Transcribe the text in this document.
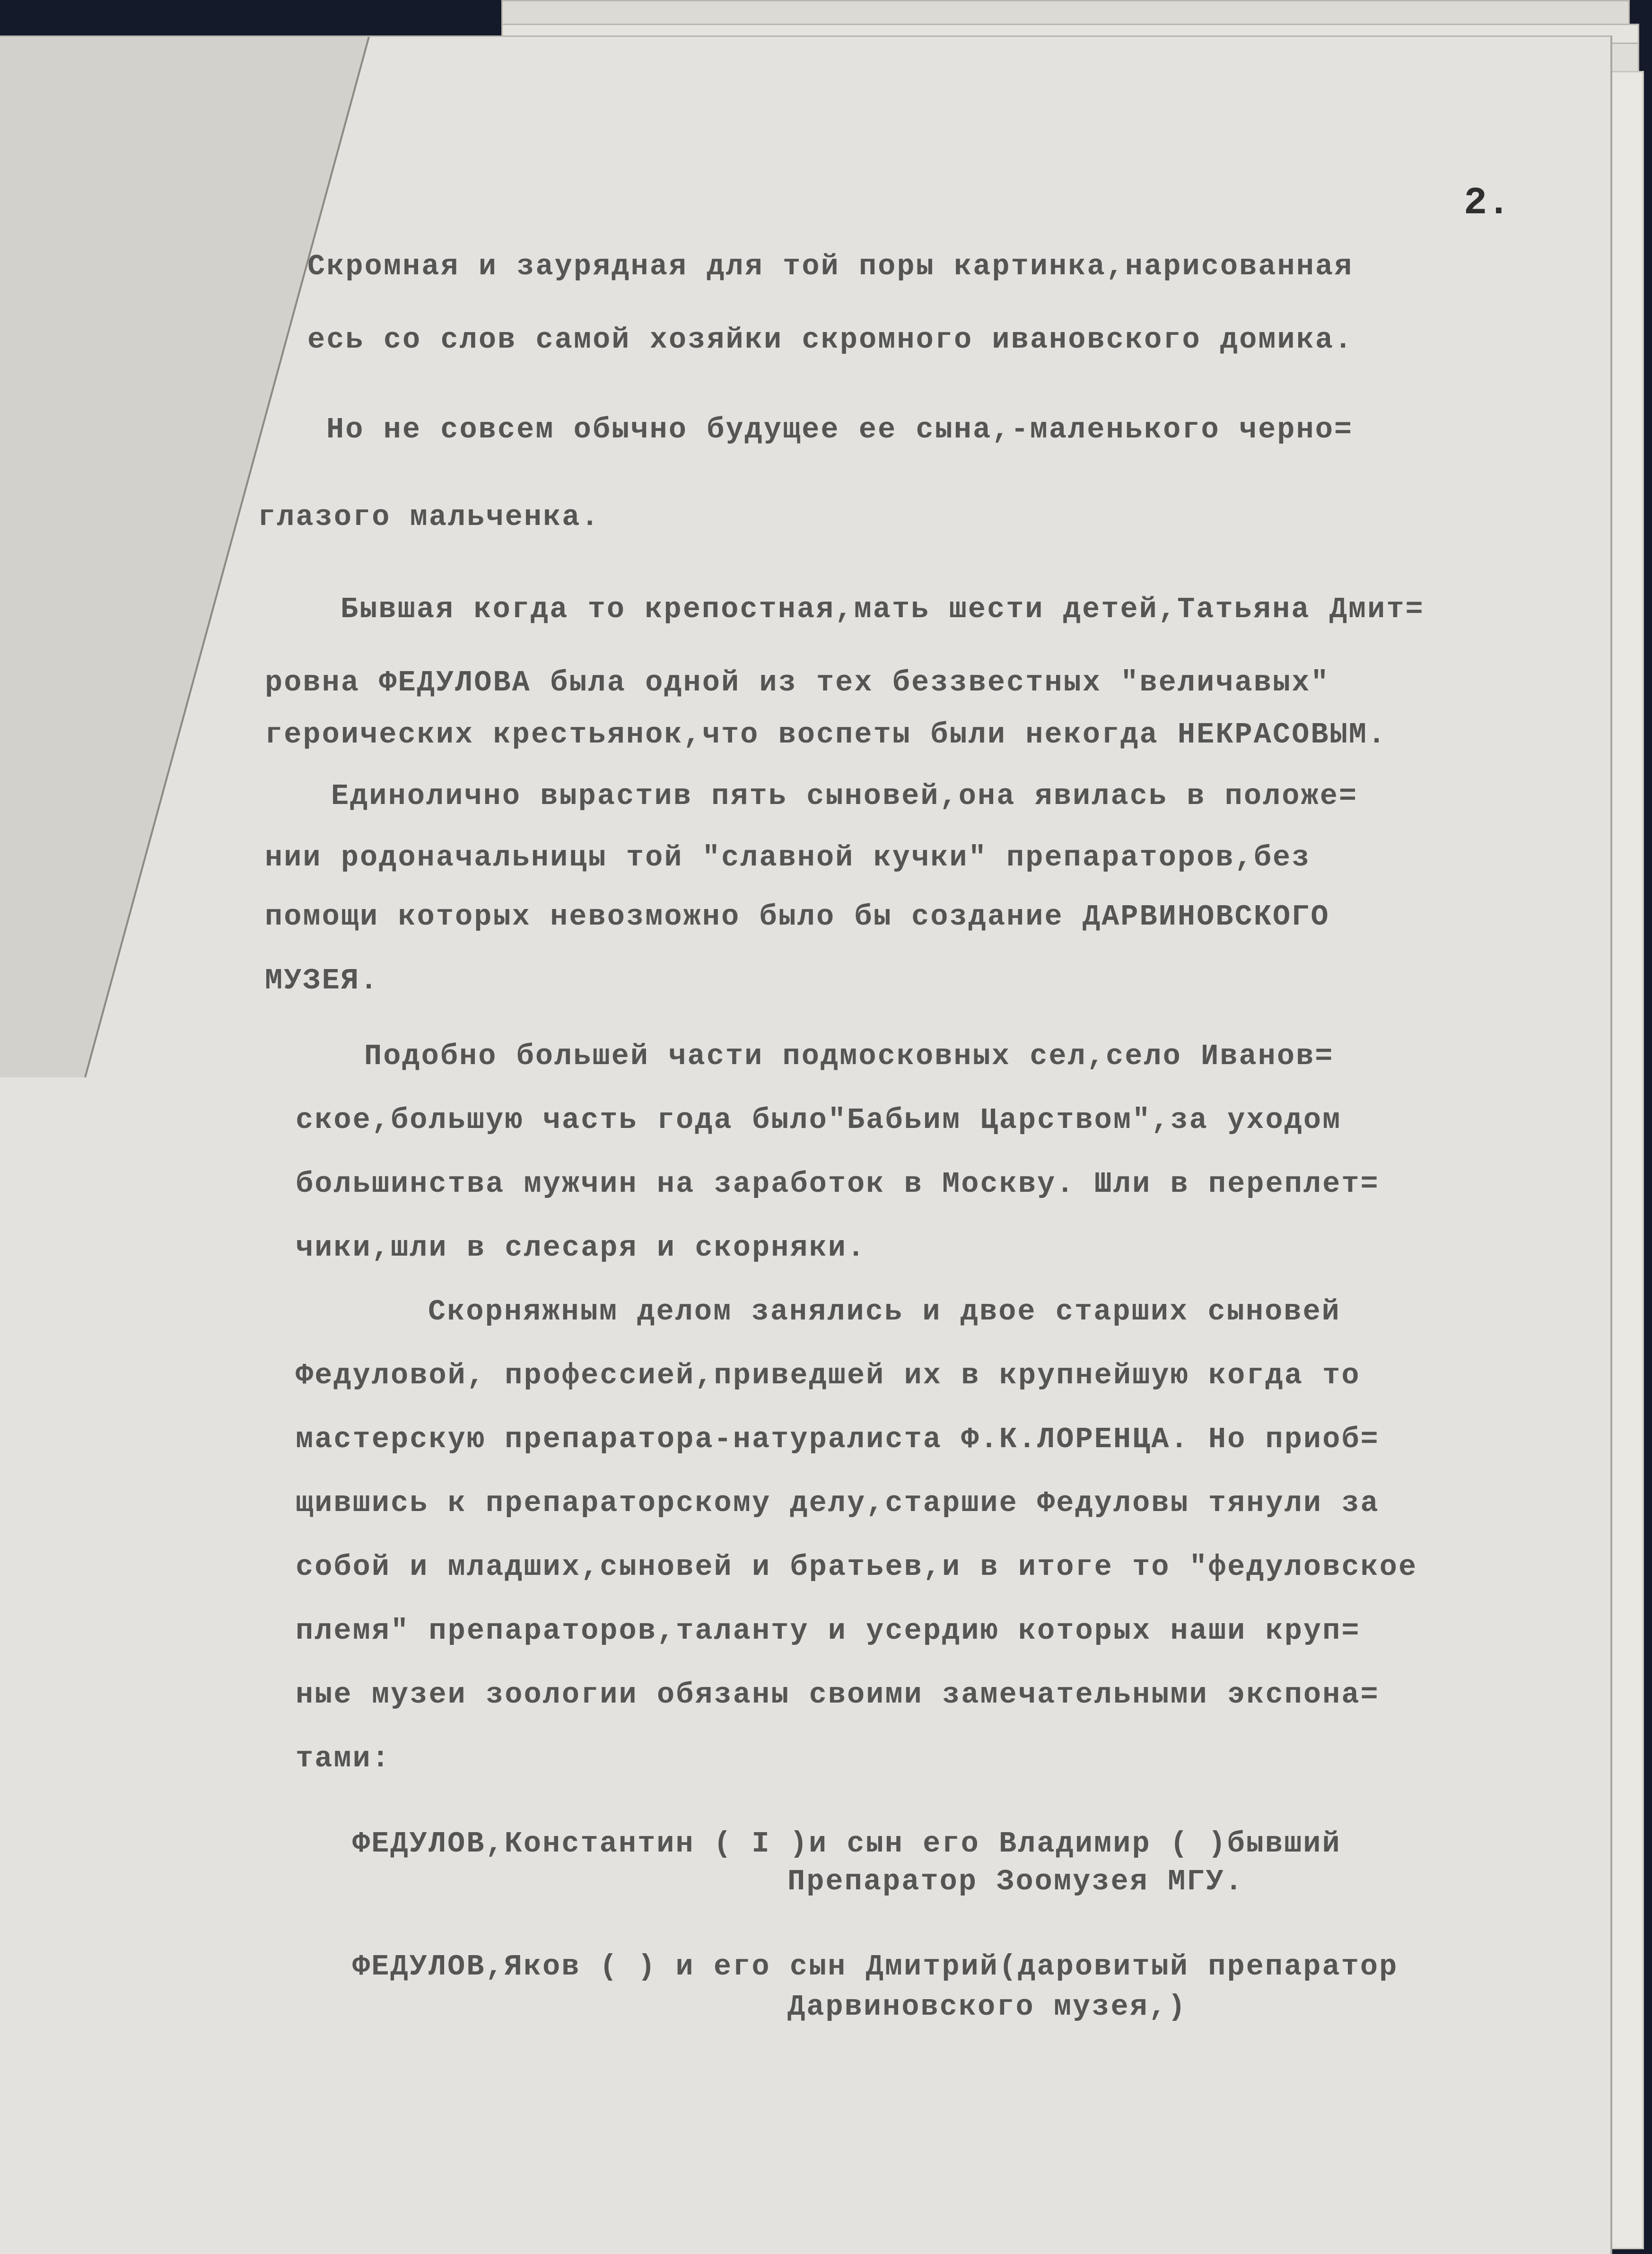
2.
Скромная и заурядная для той поры картинка,нарисованная
есь со слов самой хозяйки скромного ивановского домика.
Но не совсем обычно будущее ее сына,-маленького черно=
глазого мальченка.
Бывшая когда то крепостная,мать шести детей,Татьяна Дмит=
ровна ФЕДУЛОВА была одной из тех беззвестных "величавых"
героических крестьянок,что воспеты были некогда НЕКРАСОВЫМ.
Единолично вырастив пять сыновей,она явилась в положе=
нии родоначальницы той "славной кучки" препараторов,без
помощи которых невозможно было бы создание ДАРВИНОВСКОГО
МУЗЕЯ.
Подобно большей части подмосковных сел,село Иванов=
ское,большую часть года было"Бабьим Царством",за уходом
большинства мужчин на заработок в Москву. Шли в переплет=
чики,шли в слесаря и скорняки.
Скорняжным делом занялись и двое старших сыновей
Федуловой, профессией,приведшей их в крупнейшую когда то
мастерскую препаратора-натуралиста Ф.К.ЛОРЕНЦА. Но приоб=
щившись к препараторскому делу,старшие Федуловы тянули за
собой и младших,сыновей и братьев,и в итоге то "федуловское
племя" препараторов,таланту и усердию которых наши круп=
ные музеи зоологии обязаны своими замечательными экспона=
тами:
ФЕДУЛОВ,Константин ( I )и сын его Владимир ( )бывший
Препаратор Зоомузея МГУ.
ФЕДУЛОВ,Яков ( ) и его сын Дмитрий(даровитый препаратор
Дарвиновского музея,)
